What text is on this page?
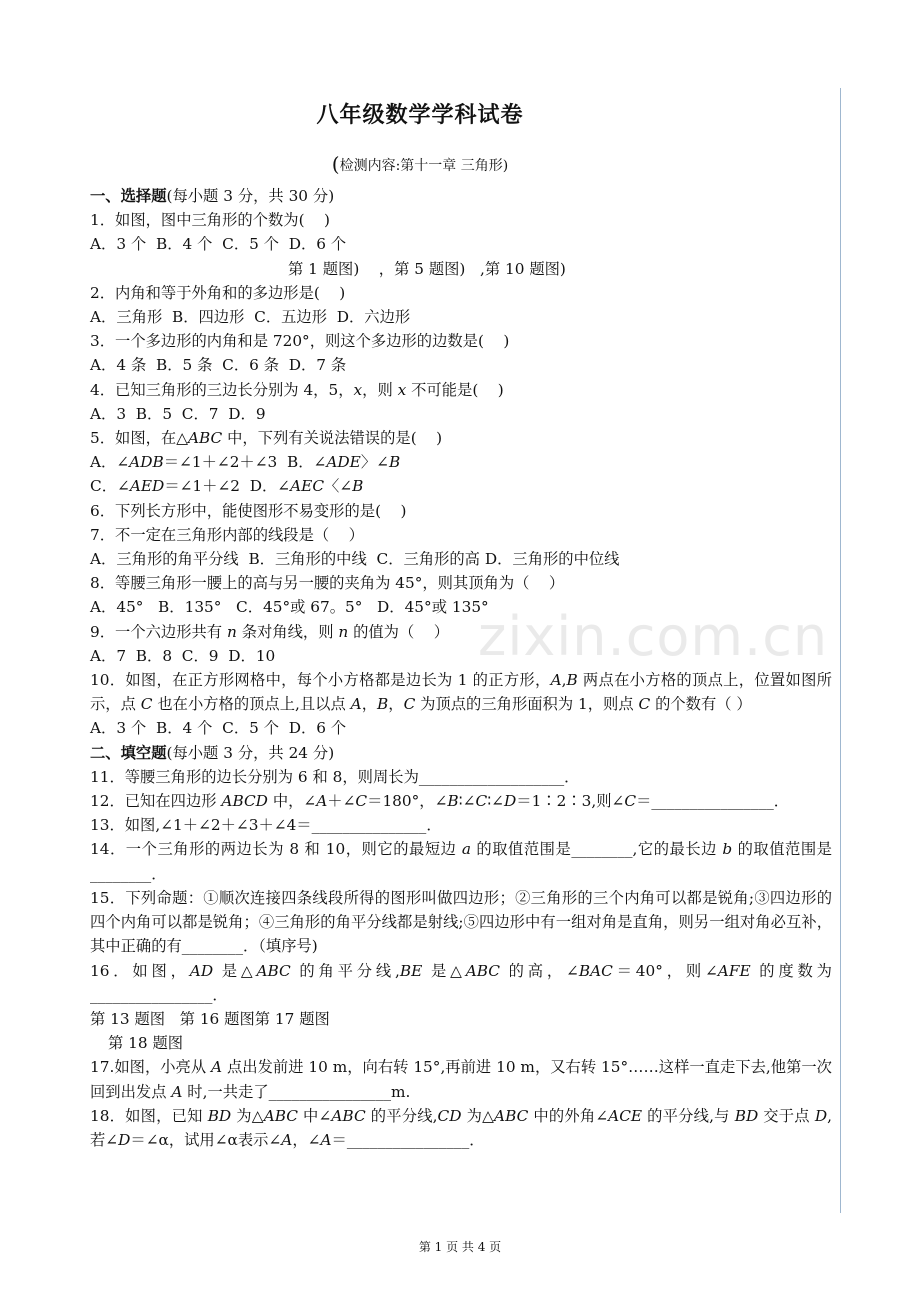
八年级数学学科试卷
(检测内容:第十一章 三角形)
zixin.com.cn
一、选择题(每小题 3 分，共 30 分)
1．如图，图中三角形的个数为(    )
A．3 个  B．4 个  C．5 个  D．6 个
第 1 题图)    ，第 5 题图)   ,第 10 题图)
2．内角和等于外角和的多边形是(    )
A．三角形  B．四边形  C．五边形  D．六边形
3．一个多边形的内角和是 720°，则这个多边形的边数是(    )
A．4 条  B．5 条  C．6 条  D．7 条
4．已知三角形的三边长分别为 4，5，x，则 x 不可能是(    )
A．3  B．5  C．7  D．9
5．如图，在△ABC 中，下列有关说法错误的是(    )
A．∠ADB＝∠1＋∠2＋∠3  B．∠ADE〉∠B
C．∠AED＝∠1＋∠2  D．∠AEC〈∠B
6．下列长方形中，能使图形不易变形的是(    )
7．不一定在三角形内部的线段是（    ）
A．三角形的角平分线  B．三角形的中线  C．三角形的高 D．三角形的中位线
8．等腰三角形一腰上的高与另一腰的夹角为 45°，则其顶角为（    ）
A．45°   B．135°   C．45°或 67。5°   D．45°或 135°
9．一个六边形共有 n 条对角线，则 n 的值为（    ）
A．7  B．8  C．9  D．10
10．如图，在正方形网格中，每个小方格都是边长为 1 的正方形，A,B 两点在小方格的顶点上，位置如图所示，点 C 也在小方格的顶点上,且以点 A，B，C 为顶点的三角形面积为 1，则点 C 的个数有（ ）
A．3 个  B．4 个  C．5 个  D．6 个
二、填空题(每小题 3 分，共 24 分)
11．等腰三角形的边长分别为 6 和 8，则周长为___________________．
12．已知在四边形 ABCD 中，∠A＋∠C＝180°，∠B∶∠C∶∠D＝1∶2∶3,则∠C＝________________．
13．如图,∠1＋∠2＋∠3＋∠4＝_______________．
14．一个三角形的两边长为 8 和 10，则它的最短边 a 的取值范围是________,它的最长边 b 的取值范围是________．
15．下列命题：①顺次连接四条线段所得的图形叫做四边形；②三角形的三个内角可以都是锐角;③四边形的四个内角可以都是锐角；④三角形的角平分线都是射线;⑤四边形中有一组对角是直角，则另一组对角必互补，其中正确的有________．（填序号)
16．如图，AD 是△ABC 的角平分线,BE 是△ABC 的高，∠BAC＝40°，则∠AFE 的度数为________________．
第 13 题图   第 16 题图第 17 题图
第 18 题图
17.如图，小亮从 A 点出发前进 10 m，向右转 15°,再前进 10 m，又右转 15°……这样一直走下去,他第一次回到出发点 A 时,一共走了________________m.
18．如图，已知 BD 为△ABC 中∠ABC 的平分线,CD 为△ABC 中的外角∠ACE 的平分线,与 BD 交于点 D,若∠D＝∠α，试用∠α表示∠A，∠A＝________________．
第 1 页 共 4 页
